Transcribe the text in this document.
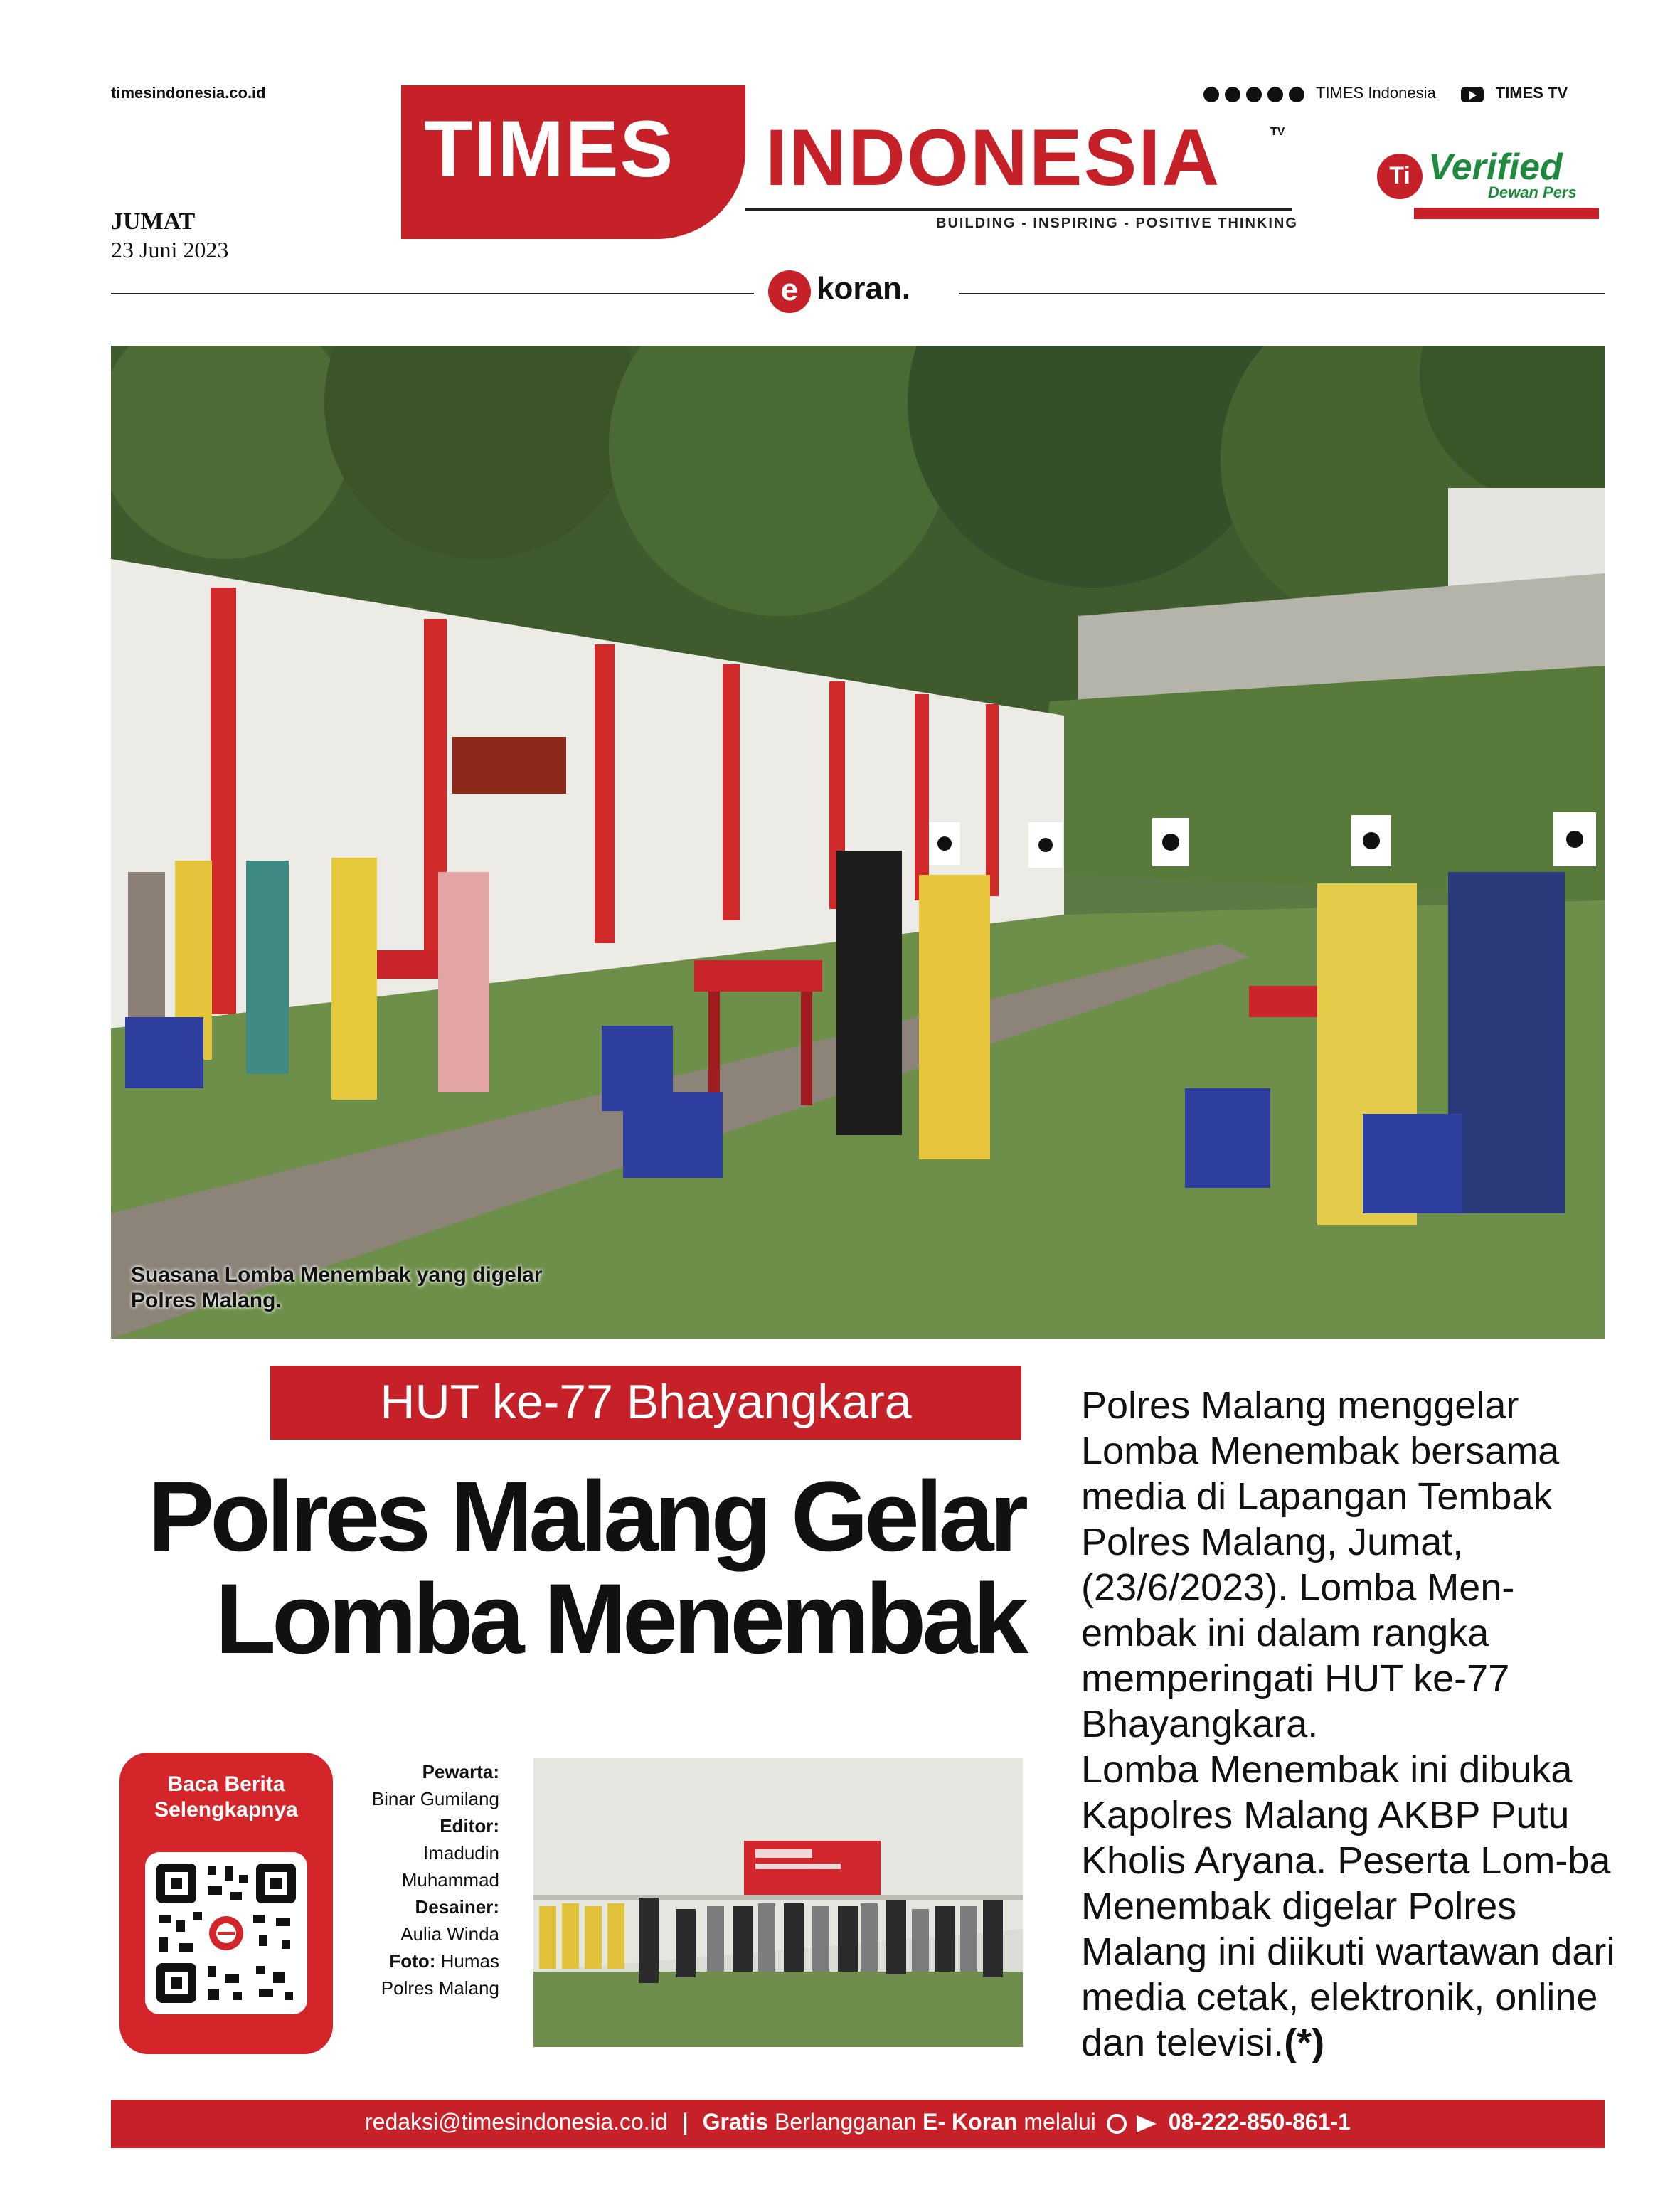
timesindonesia.co.id
JUMAT
23 Juni 2023
TIMES Indonesia	TIMES TV
TIMES INDONESIA	TV
BUILDING - INSPIRING - POSITIVE THINKING
Ti Verified
Dewan Pers
e	koran.
Suasana Lomba Menembak yang digelar Polres Malang.
HUT ke-77 Bhayangkara
Polres Malang Gelar
Lomba Menembak

Polres Malang menggelar Lomba Menembak bersama media di Lapangan Tembak Polres Malang, Jumat, (23/6/2023). Lomba Men-embak ini dalam rangka memperingati HUT ke-77 Bhayangkara.

Lomba Menembak ini dibuka Kapolres Malang AKBP Putu Kholis Aryana. Peserta Lom-ba Menembak digelar Polres Malang ini diikuti wartawan dari media cetak, elektronik, online dan televisi.(*)

Baca Berita
Selengkapnya
Pewarta:
Binar Gumilang
Editor:
Imadudin Muhammad
Desainer:
Aulia Winda
Foto: Humas Polres Malang
redaksi@timesindonesia.co.id | Gratis
Berlangganan
E- Koran
melalui	08-222-850-861-1
